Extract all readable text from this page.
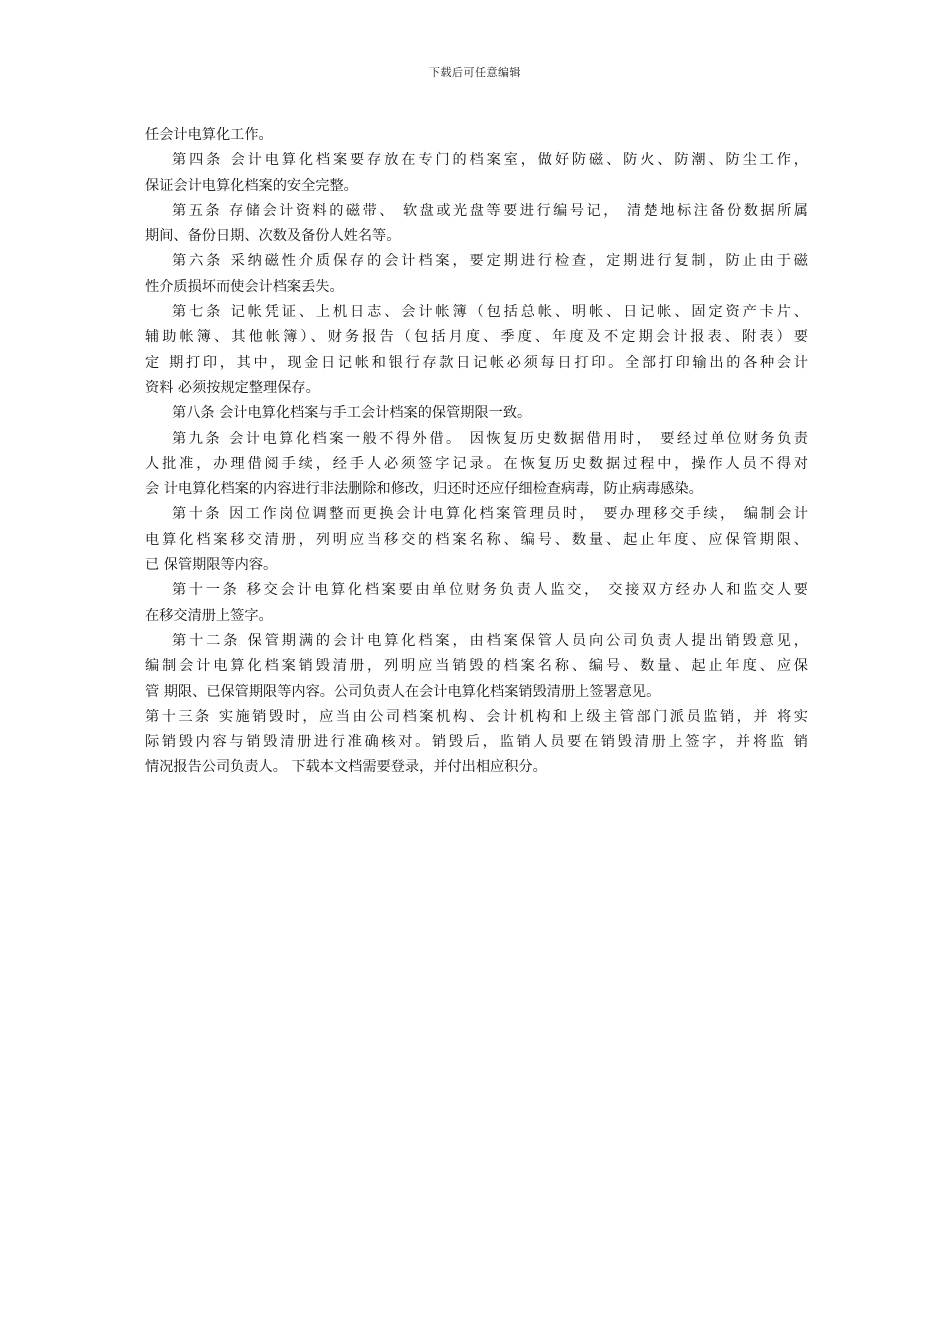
下载后可任意编辑
任会计电算化工作。
第四条 会计电算化档案要存放在专门的档案室，做好防磁、防火、防潮、防尘工作，
保证会计电算化档案的安全完整。
第五条 存储会计资料的磁带、 软盘或光盘等要进行编号记， 清楚地标注备份数据所属
期间、备份日期、次数及备份人姓名等。
第六条 采纳磁性介质保存的会计档案，要定期进行检查，定期进行复制，防止由于磁
性介质损坏而使会计档案丢失。
第七条 记帐凭证、上机日志、会计帐簿（包括总帐、明帐、日记帐、固定资产卡片、
辅助帐簿、其他帐簿）、财务报告（包括月度、季度、年度及不定期会计报表、附表）要
定 期打印，其中，现金日记帐和银行存款日记帐必须每日打印。全部打印输出的各种会计
资料 必须按规定整理保存。
第八条 会计电算化档案与手工会计档案的保管期限一致。
第九条 会计电算化档案一般不得外借。 因恢复历史数据借用时， 要经过单位财务负责
人批准，办理借阅手续，经手人必须签字记录。在恢复历史数据过程中，操作人员不得对
会 计电算化档案的内容进行非法删除和修改，归还时还应仔细检查病毒，防止病毒感染。
第十条 因工作岗位调整而更换会计电算化档案管理员时， 要办理移交手续， 编制会计
电算化档案移交清册，列明应当移交的档案名称、编号、数量、起止年度、应保管期限、
已 保管期限等内容。
第十一条 移交会计电算化档案要由单位财务负责人监交， 交接双方经办人和监交人要
在移交清册上签字。
第十二条 保管期满的会计电算化档案，由档案保管人员向公司负责人提出销毁意见，
编制会计电算化档案销毁清册，列明应当销毁的档案名称、编号、数量、起止年度、应保
管 期限、已保管期限等内容。公司负责人在会计电算化档案销毁清册上签署意见。
第十三条 实施销毁时，应当由公司档案机构、会计机构和上级主管部门派员监销，并 将实
际销毁内容与销毁清册进行准确核对。销毁后，监销人员要在销毁清册上签字，并将监 销
情况报告公司负责人。 下载本文档需要登录，并付出相应积分。
